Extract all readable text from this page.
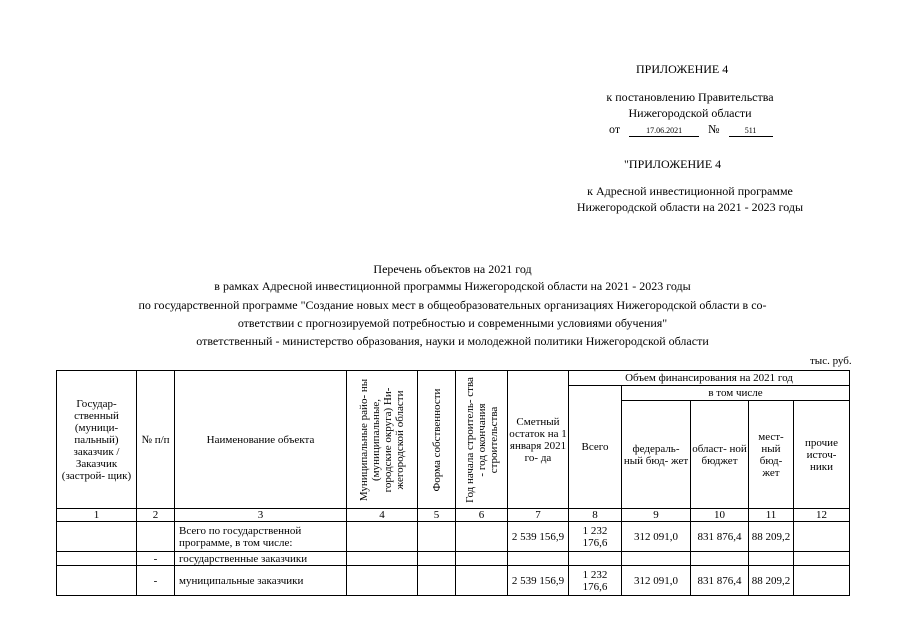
ПРИЛОЖЕНИЕ 4
к постановлению Правительства
Нижегородской области
от	17.06.2021 №	511
"ПРИЛОЖЕНИЕ 4
к Адресной инвестиционной программе
Нижегородской области на 2021 - 2023 годы
Перечень объектов на 2021 год
в рамках Адресной инвестиционной программы Нижегородской области на 2021 - 2023 годы
по государственной программе "Создание новых мест в общеобразовательных организациях Нижегородской области в со-
ответствии с прогнозируемой потребностью и современными условиями обучения"
ответственный - министерство образования, науки и молодежной политики Нижегородской области
тыс. руб.
Государ- ственный (муници- пальный) заказчик / Заказчик (застрой- щик)	№ п/п	Наименование объекта	Муниципальные райо- ны (муниципальные, городские округа) Ни- жегородской области	Форма собственности	Год начала строитель- ства - год окончания строительства	Сметный остаток на 1 января 2021 го- да	Объем финансирования на 2021 год				
							Всего	в том числе			
								федераль- ный бюд- жет	област- ной бюджет	мест- ный бюд- жет	прочие источ- ники
1	2	3	4	5	6	7	8	9	10	11	12
		Всего по государственной программе, в том числе:				2 539 156,9	1 232 176,6	312 091,0	831 876,4	88 209,2	
	-	государственные заказчики									
	-	муниципальные заказчики				2 539 156,9	1 232 176,6	312 091,0	831 876,4	88 209,2	
